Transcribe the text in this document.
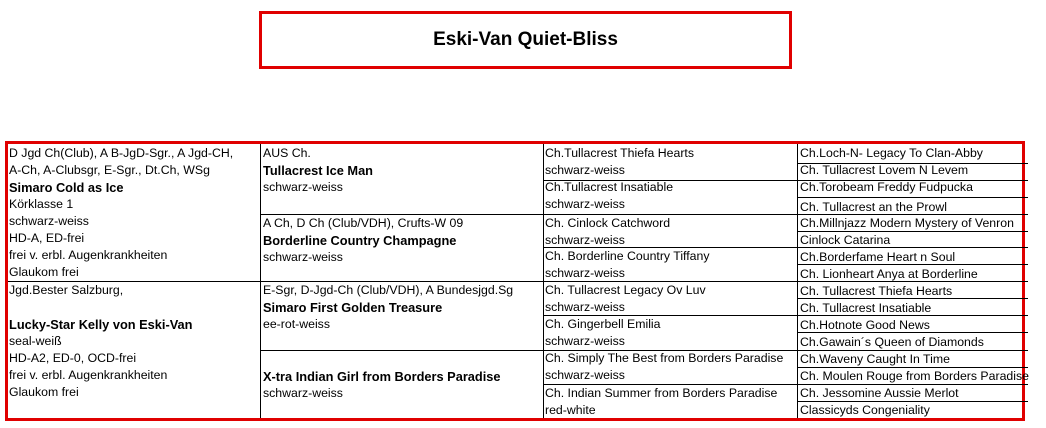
Eski-Van Quiet-Bliss
D Jgd Ch(Club), A B-JgD-Sgr., A Jgd-CH,
A-Ch, A-Clubsgr, E-Sgr., Dt.Ch, WSg
Simaro Cold as Ice
Körklasse 1
schwarz-weiss
HD-A, ED-frei
frei v. erbl. Augenkrankheiten
Glaukom frei
Jgd.Bester Salzburg,
Lucky-Star Kelly von Eski-Van
seal-weiß
HD-A2, ED-0, OCD-frei
frei v. erbl. Augenkrankheiten
Glaukom frei
AUS Ch.
Tullacrest Ice Man
schwarz-weiss
A Ch, D Ch (Club/VDH), Crufts-W 09
Borderline Country Champagne
schwarz-weiss
E-Sgr, D-Jgd-Ch (Club/VDH), A Bundesjgd.Sg
Simaro First Golden Treasure
ee-rot-weiss
X-tra Indian Girl from Borders Paradise
schwarz-weiss
Ch.Tullacrest Thiefa Hearts
schwarz-weiss
Ch.Tullacrest Insatiable
schwarz-weiss
Ch. Cinlock Catchword
schwarz-weiss
Ch. Borderline Country Tiffany
schwarz-weiss
Ch. Tullacrest Legacy Ov Luv
schwarz-weiss
Ch. Gingerbell Emilia
schwarz-weiss
Ch. Simply The Best from Borders Paradise
schwarz-weiss
Ch. Indian Summer from Borders Paradise
red-white
Ch.Loch-N- Legacy To Clan-Abby
Ch. Tullacrest Lovem N Levem
Ch.Torobeam Freddy Fudpucka
Ch. Tullacrest an the Prowl
Ch.Millnjazz Modern Mystery of Venron
Cinlock Catarina
Ch.Borderfame Heart n Soul
Ch. Lionheart Anya at Borderline
Ch. Tullacrest Thiefa Hearts
Ch. Tullacrest Insatiable
Ch.Hotnote Good News
Ch.Gawain´s Queen of Diamonds
Ch.Waveny Caught In Time
Ch. Moulen Rouge from Borders Paradise
Ch. Jessomine Aussie Merlot
Classicyds Congeniality
